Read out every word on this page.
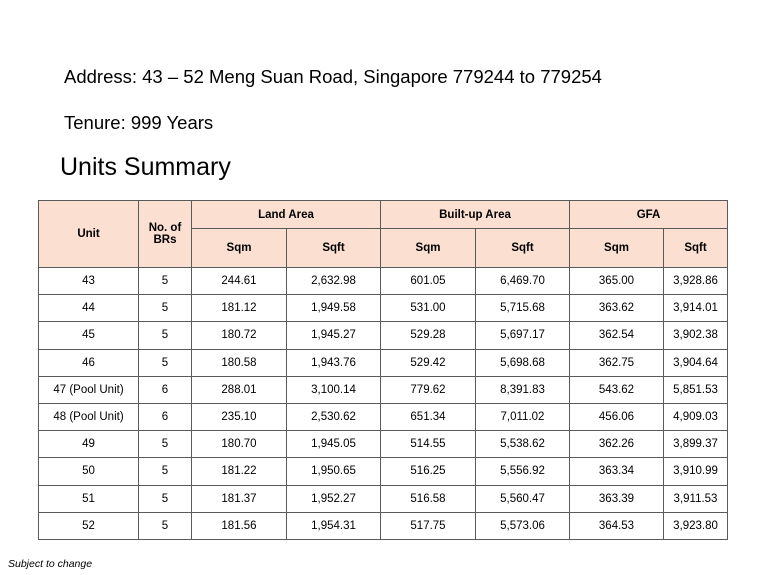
Address: 43 – 52 Meng Suan Road, Singapore 779244 to 779254
Tenure: 999 Years
Units Summary
Unit	No. of BRs	Land Area		Built-up Area		GFA	
		Sqm	Sqft	Sqm	Sqft	Sqm	Sqft
43	5	244.61	2,632.98	601.05	6,469.70	365.00	3,928.86
44	5	181.12	1,949.58	531.00	5,715.68	363.62	3,914.01
45	5	180.72	1,945.27	529.28	5,697.17	362.54	3,902.38
46	5	180.58	1,943.76	529.42	5,698.68	362.75	3,904.64
47 (Pool Unit)	6	288.01	3,100.14	779.62	8,391.83	543.62	5,851.53
48 (Pool Unit)	6	235.10	2,530.62	651.34	7,011.02	456.06	4,909.03
49	5	180.70	1,945.05	514.55	5,538.62	362.26	3,899.37
50	5	181.22	1,950.65	516.25	5,556.92	363.34	3,910.99
51	5	181.37	1,952.27	516.58	5,560.47	363.39	3,911.53
52	5	181.56	1,954.31	517.75	5,573.06	364.53	3,923.80
Subject to change
